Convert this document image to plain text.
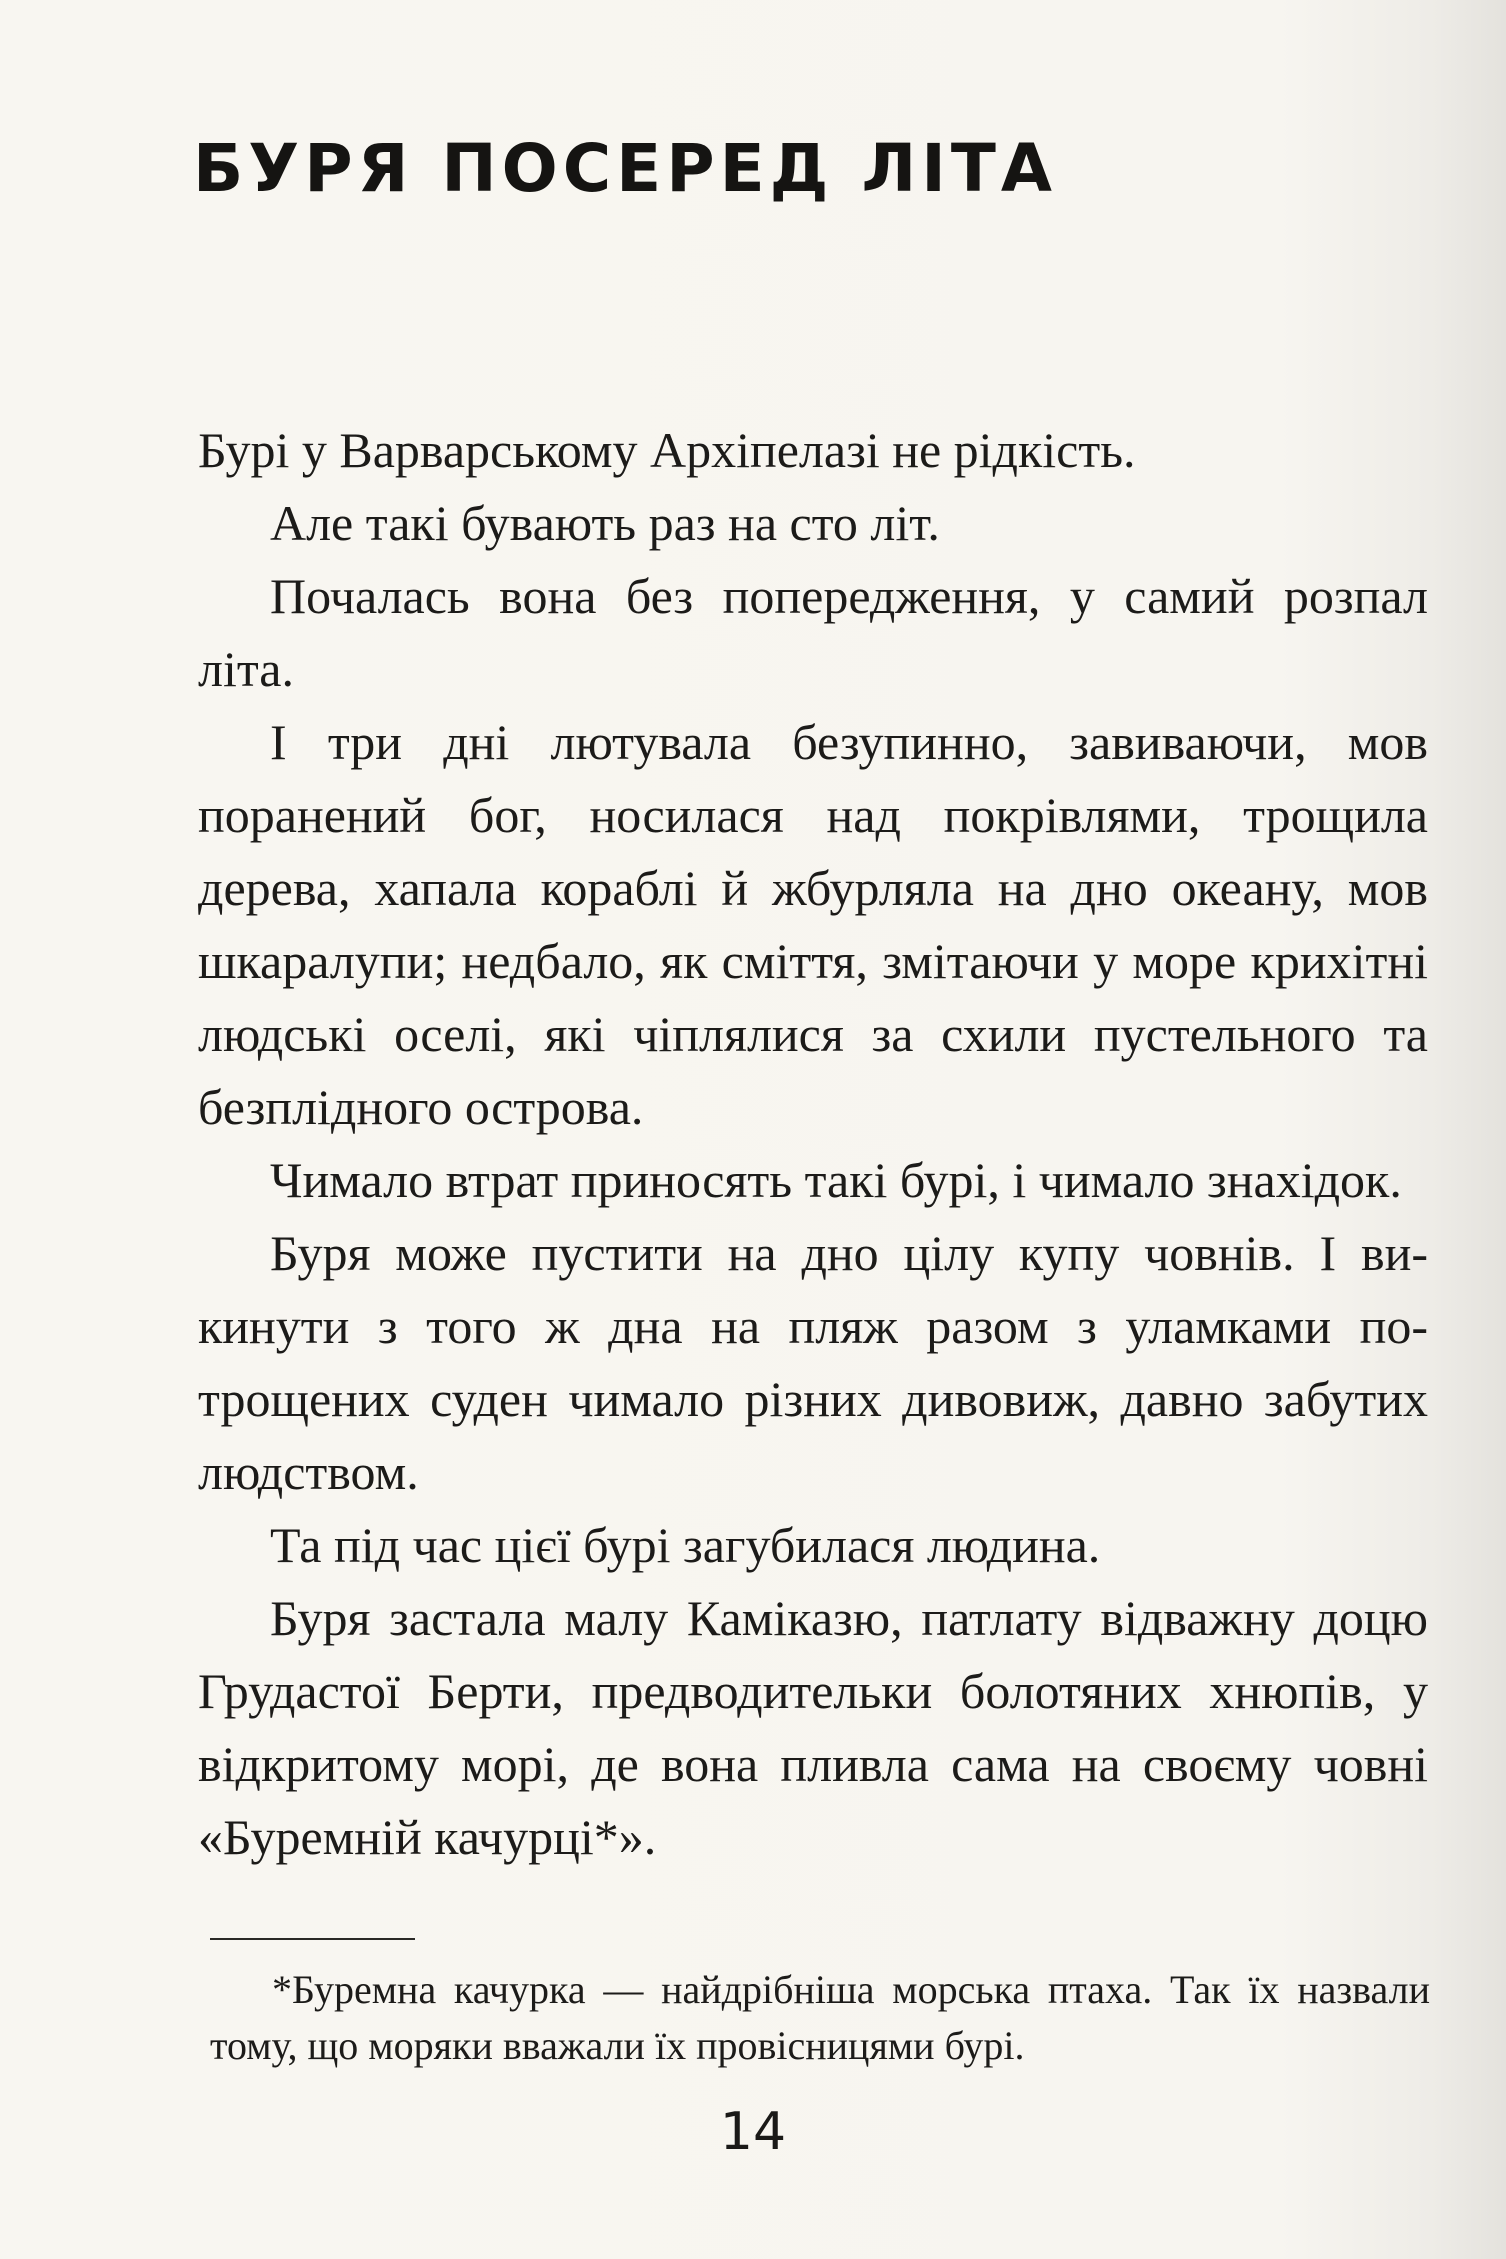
БУРЯ ПОСЕРЕД ЛІТА

Бурі у Варварському Архіпелазі не рідкість.

Але такі бувають раз на сто літ.

Почалась вона без попередження, у самий розпал літа.

І три дні лютувала безупинно, завиваючи, мов поранений бог, носилася над покрівлями, трощила дерева, хапала кораблі й жбурляла на дно океану, мов шкаралупи; недбало, як сміття, змітаючи у море крихітні людські оселі, які чіплялися за схили пустельного та безплідного острова.

Чимало втрат приносять такі бурі, і чимало знахідок.

Буря може пустити на дно цілу купу човнів. І викинути з того ж дна на пляж разом з уламками потрощених суден чимало різних дивовиж, давно забутих людством.

Та під час цієї бурі загубилася людина.

Буря застала малу Каміказю, патлату відважну доцю Грудастої Берти, предводительки болотяних хнюпів, у відкритому морі, де вона пливла сама на своєму човні «Буремній качурці*».

*Буремна качурка — найдрібніша морська птаха. Так їх назвали тому, що моряки вважали їх провісницями бурі.

14
